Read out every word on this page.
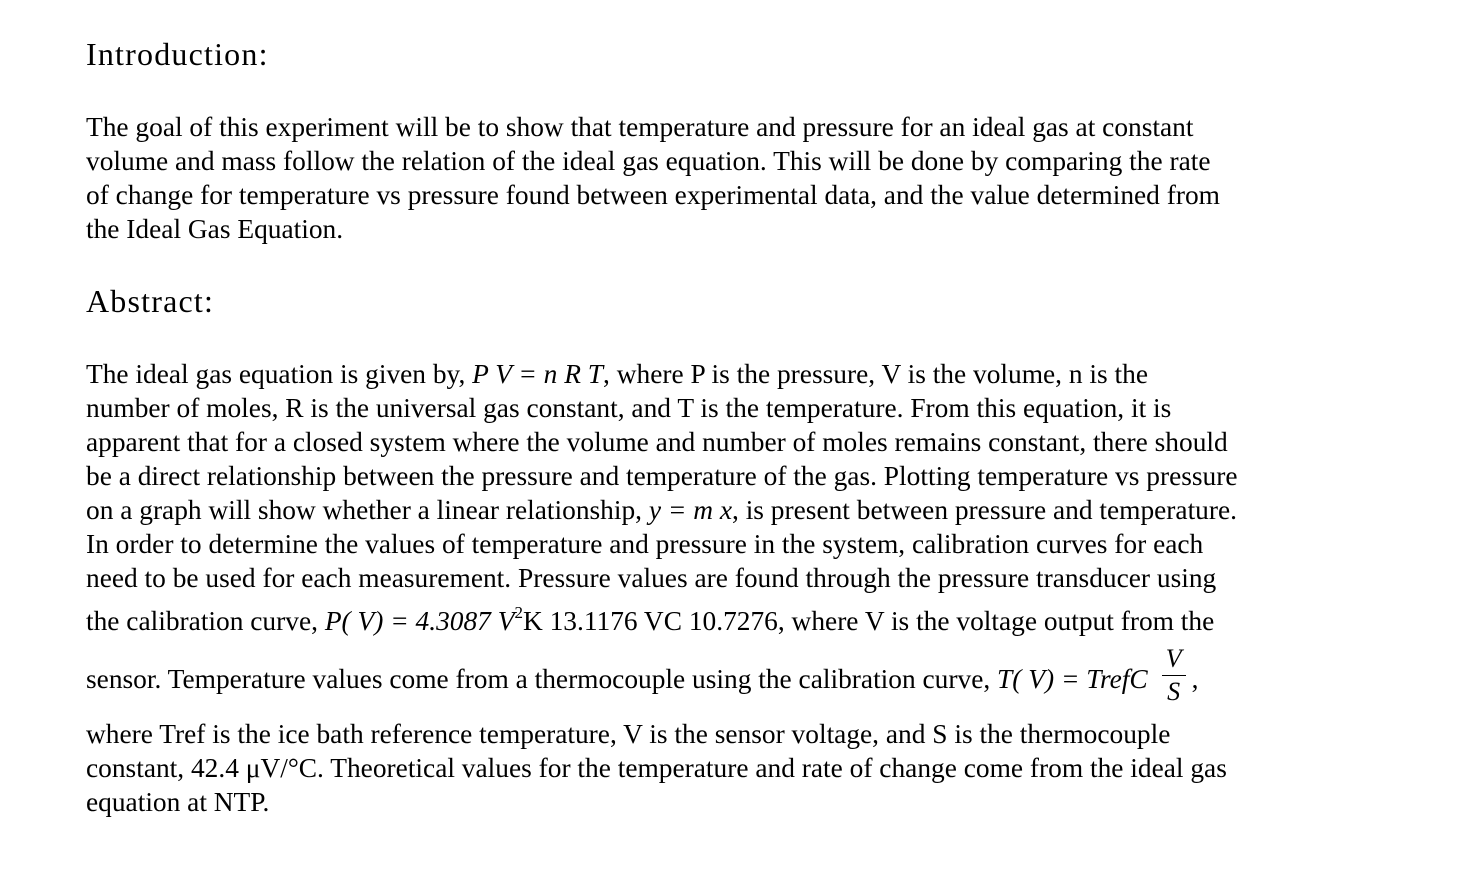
Introduction:
The goal of this experiment will be to show that temperature and pressure for an ideal gas at constant
volume and mass follow the relation of the ideal gas equation. This will be done by comparing the rate
of change for temperature vs pressure found between experimental data, and the value determined from
the Ideal Gas Equation.
Abstract:
The ideal gas equation is given by, P V = n R T, where P is the pressure, V is the volume, n is the
number of moles, R is the universal gas constant, and T is the temperature. From this equation, it is
apparent that for a closed system where the volume and number of moles remains constant, there should
be a direct relationship between the pressure and temperature of the gas. Plotting temperature vs pressure
on a graph will show whether a linear relationship, y = m x, is present between pressure and temperature.
In order to determine the values of temperature and pressure in the system, calibration curves for each
need to be used for each measurement. Pressure values are found through the pressure transducer using
the calibration curve, P( V) = 4.3087 $V^2K$ 13.1176 VC 10.7276, where V is the voltage output from the
sensor. Temperature values come from a thermocouple using the calibration curve, T( V) = TrefC $\frac{V}{S}$ ,
where Tref is the ice bath reference temperature, V is the sensor voltage, and S is the thermocouple
constant, 42.4 μV/°C. Theoretical values for the temperature and rate of change come from the ideal gas
equation at NTP.
